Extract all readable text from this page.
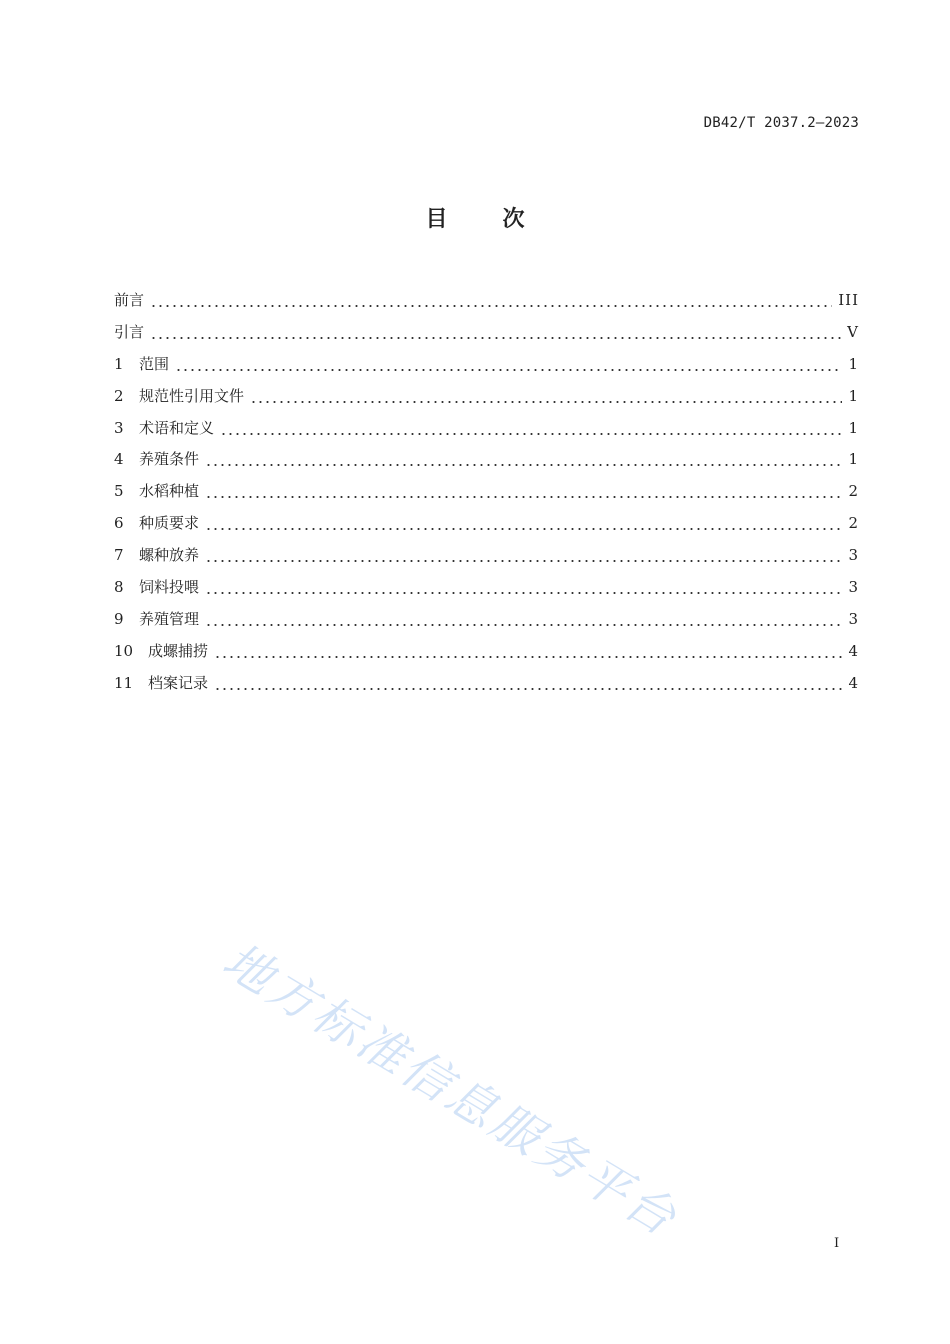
DB42/T 2037.2—2023
目	次
前言	III
引言	V
1	范围	1
2	规范性引用文件	1
3	术语和定义	1
4	养殖条件	1
5	水稻种植	2
6	种质要求	2
7	螺种放养	3
8	饲料投喂	3
9	养殖管理	3
10 成螺捕捞	4
11 档案记录	4
地方标准信息服务平台	I
